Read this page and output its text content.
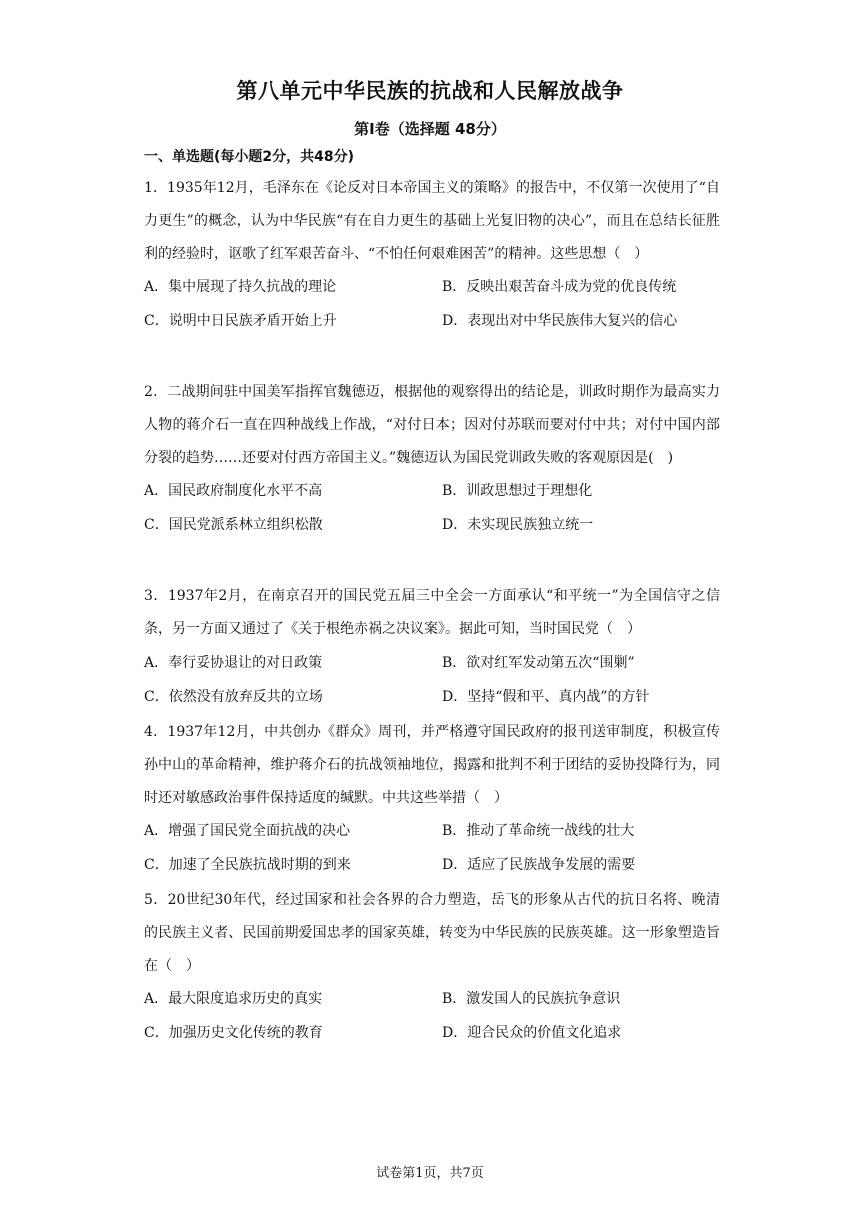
第八单元中华民族的抗战和人民解放战争
第Ⅰ卷（选择题 48分）
一、单选题(每小题2分，共48分)

1．1935年12月，毛泽东在《论反对日本帝国主义的策略》的报告中，不仅第一次使用了“自力更生”的概念，认为中华民族“有在自力更生的基础上光复旧物的决心”，而且在总结长征胜利的经验时，讴歌了红军艰苦奋斗、“不怕任何艰难困苦”的精神。这些思想（　）

A．集中展现了持久抗战的理论	B．反映出艰苦奋斗成为党的优良传统
C．说明中日民族矛盾开始上升	D．表现出对中华民族伟大复兴的信心

2．二战期间驻中国美军指挥官魏德迈，根据他的观察得出的结论是，训政时期作为最高实力人物的蒋介石一直在四种战线上作战，“对付日本；因对付苏联而要对付中共；对付中国内部分裂的趋势……还要对付西方帝国主义。”魏德迈认为国民党训政失败的客观原因是(　)

A．国民政府制度化水平不高	B．训政思想过于理想化
C．国民党派系林立组织松散	D．未实现民族独立统一

3．1937年2月，在南京召开的国民党五届三中全会一方面承认“和平统一”为全国信守之信条，另一方面又通过了《关于根绝赤祸之决议案》。据此可知，当时国民党（　）

A．奉行妥协退让的对日政策	B．欲对红军发动第五次“围剿”
C．依然没有放弃反共的立场	D．坚持“假和平、真内战”的方针

4．1937年12月，中共创办《群众》周刊，并严格遵守国民政府的报刊送审制度，积极宣传孙中山的革命精神，维护蒋介石的抗战领袖地位，揭露和批判不利于团结的妥协投降行为，同时还对敏感政治事件保持适度的缄默。中共这些举措（　）

A．增强了国民党全面抗战的决心	B．推动了革命统一战线的壮大
C．加速了全民族抗战时期的到来	D．适应了民族战争发展的需要

5．20世纪30年代，经过国家和社会各界的合力塑造，岳飞的形象从古代的抗日名将、晚清的民族主义者、民国前期爱国忠孝的国家英雄，转变为中华民族的民族英雄。这一形象塑造旨在（　）

A．最大限度追求历史的真实	B．激发国人的民族抗争意识
C．加强历史文化传统的教育	D．迎合民众的价值文化追求
试卷第1页，共7页
